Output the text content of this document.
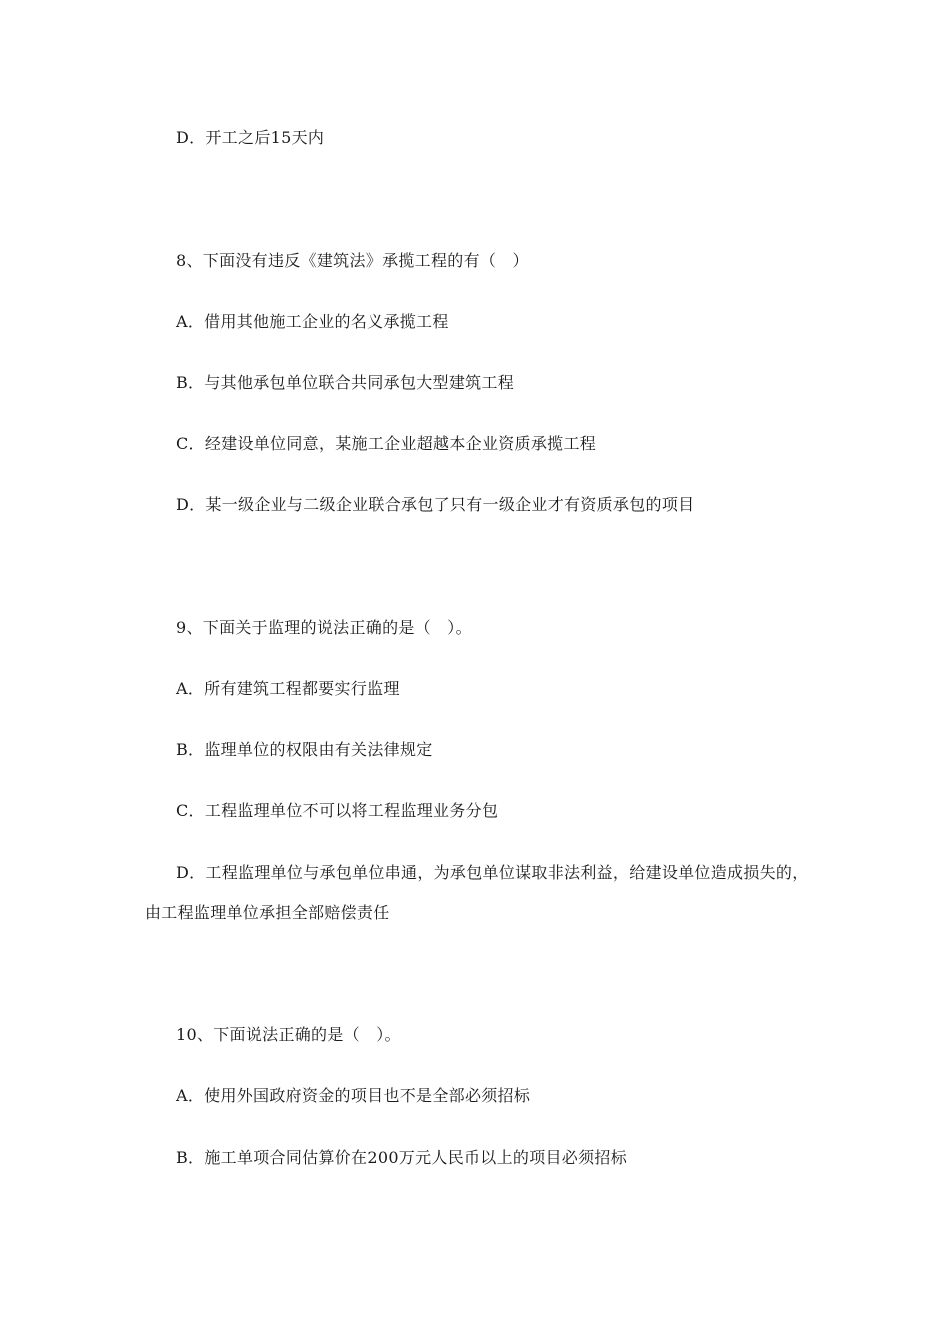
D．开工之后15天内
8、下面没有违反《建筑法》承揽工程的有（　）
A．借用其他施工企业的名义承揽工程
B．与其他承包单位联合共同承包大型建筑工程
C．经建设单位同意，某施工企业超越本企业资质承揽工程
D．某一级企业与二级企业联合承包了只有一级企业才有资质承包的项目
9、下面关于监理的说法正确的是（　）。
A．所有建筑工程都要实行监理
B．监理单位的权限由有关法律规定
C．工程监理单位不可以将工程监理业务分包
D．工程监理单位与承包单位串通，为承包单位谋取非法利益，给建设单位造成损失的，
由工程监理单位承担全部赔偿责任
10、下面说法正确的是（　）。
A．使用外国政府资金的项目也不是全部必须招标
B．施工单项合同估算价在200万元人民币以上的项目必须招标
